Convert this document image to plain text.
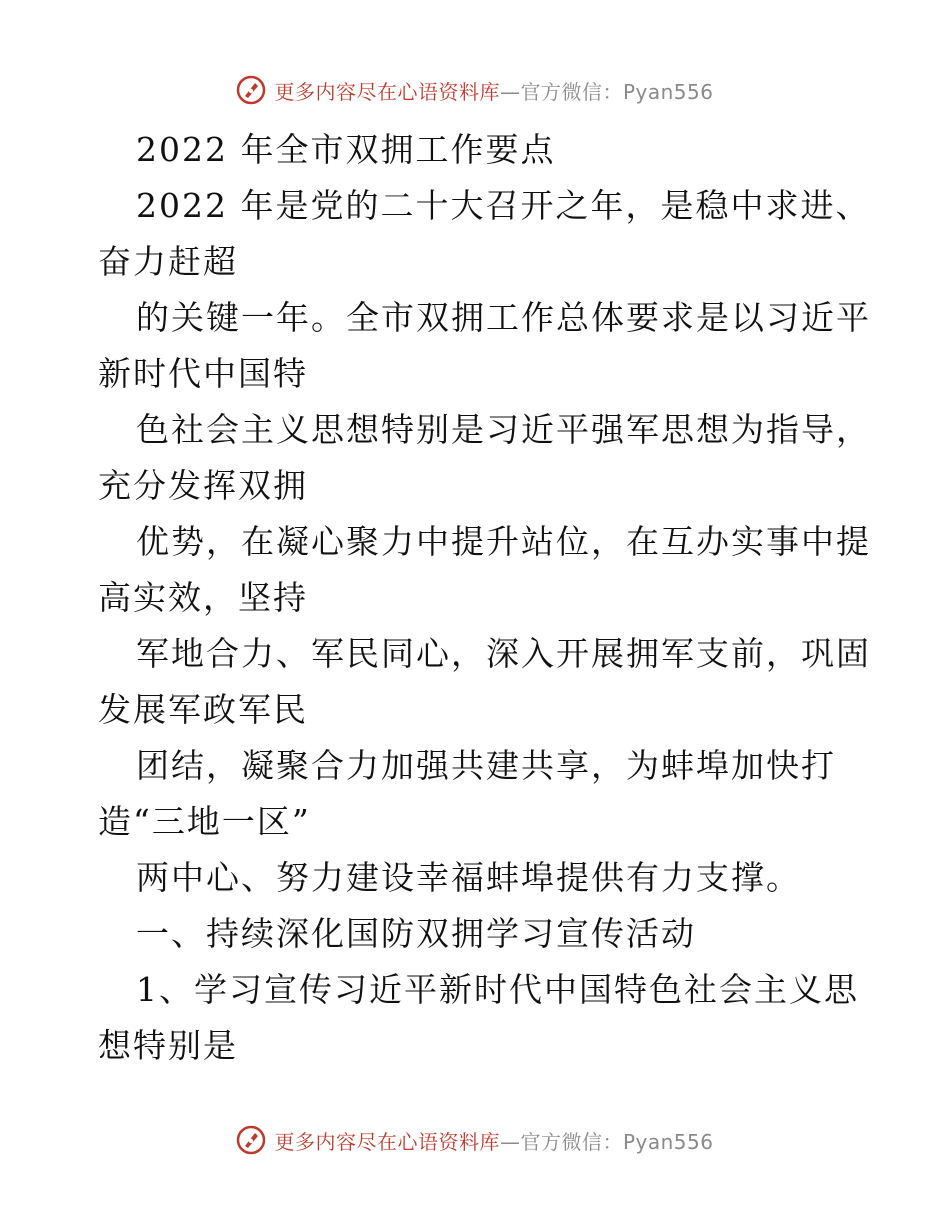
更多内容尽在心语资料库—官方微信：Pyan556
2022 年全市双拥工作要点
2022 年是党的二十大召开之年，是稳中求进、
奋力赶超
的关键一年。全市双拥工作总体要求是以习近平
新时代中国特
色社会主义思想特别是习近平强军思想为指导，
充分发挥双拥
优势，在凝心聚力中提升站位，在互办实事中提
高实效，坚持
军地合力、军民同心，深入开展拥军支前，巩固
发展军政军民
团结，凝聚合力加强共建共享，为蚌埠加快打
造“三地一区”
两中心、努力建设幸福蚌埠提供有力支撑。
一、持续深化国防双拥学习宣传活动
1、学习宣传习近平新时代中国特色社会主义思
想特别是
更多内容尽在心语资料库—官方微信：Pyan556
